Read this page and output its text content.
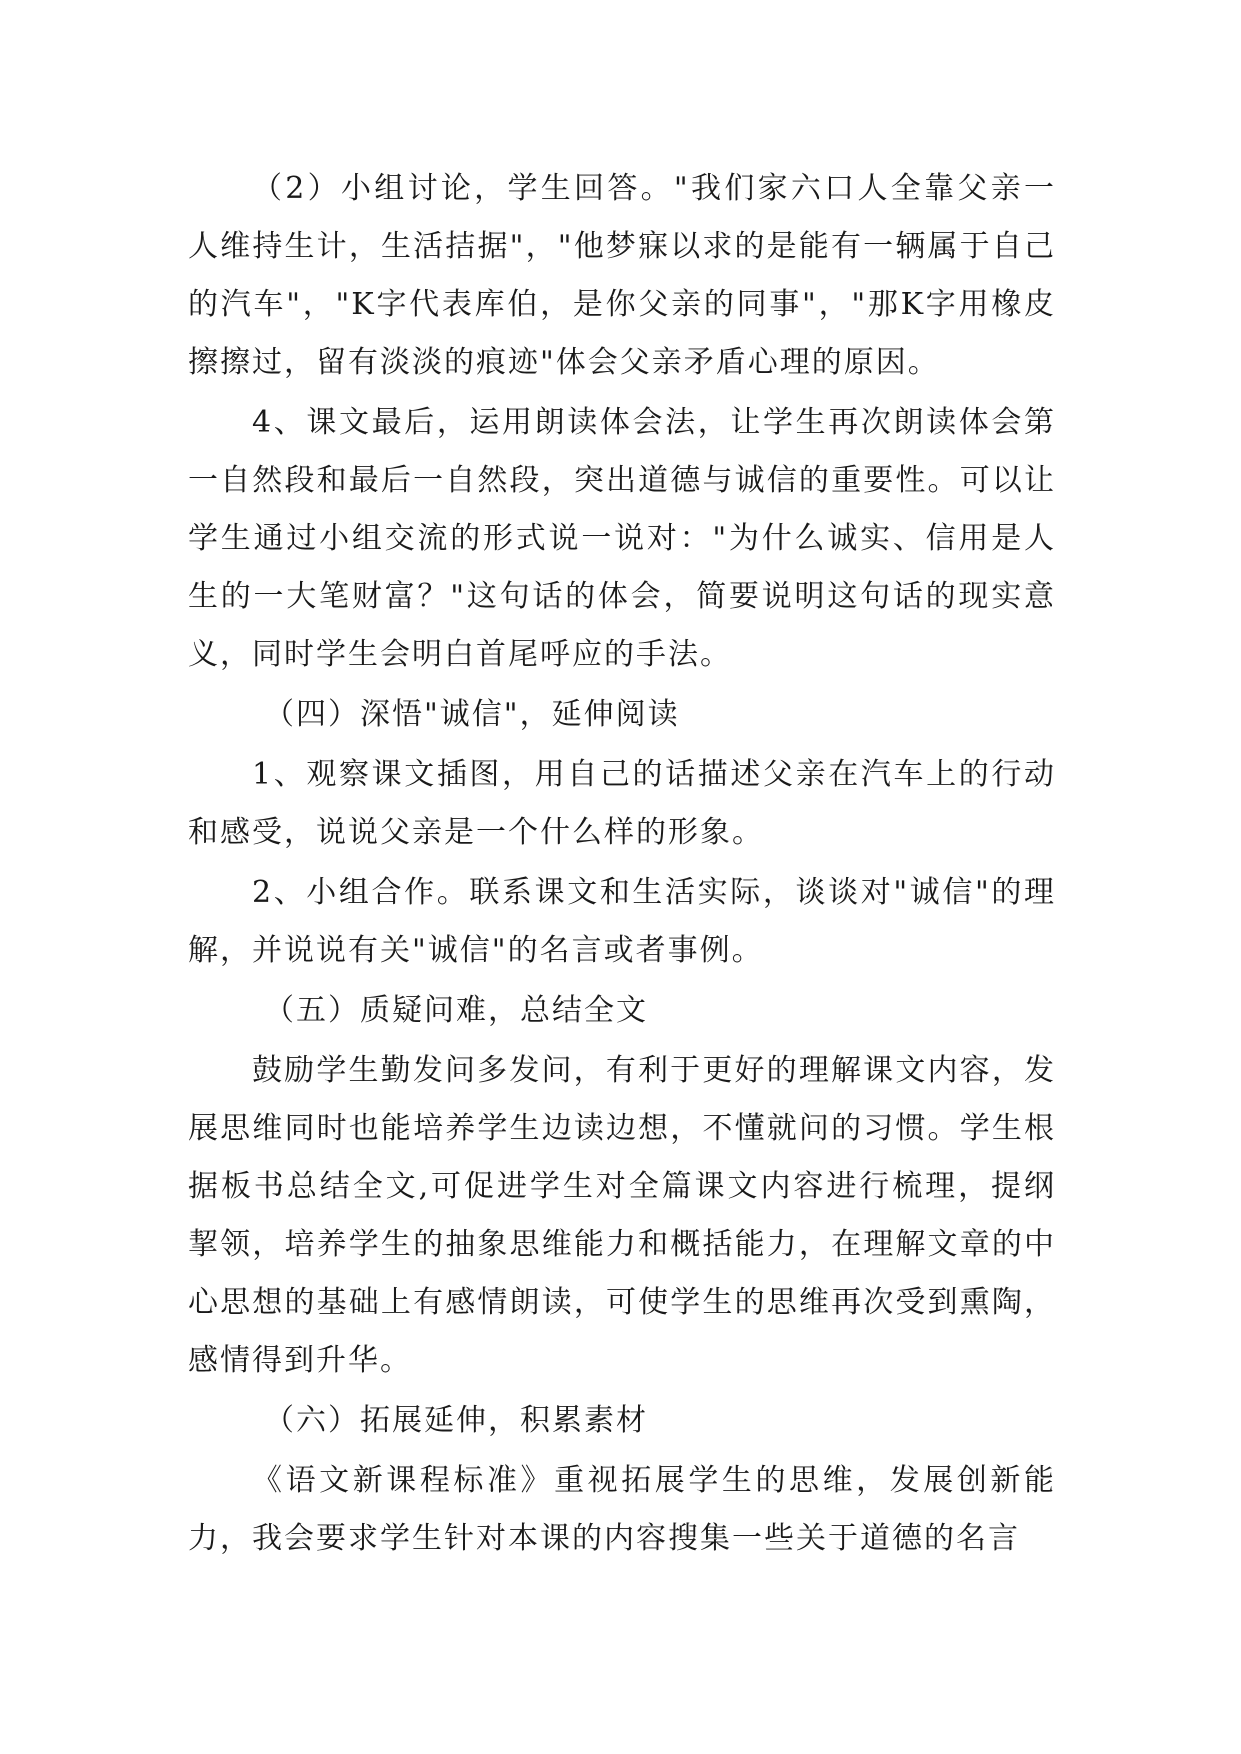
（2）小组讨论，学生回答。"我们家六口人全靠父亲一人维持生计，生活拮据"，"他梦寐以求的是能有一辆属于自己的汽车"，"K字代表库伯，是你父亲的同事"，"那K字用橡皮擦擦过，留有淡淡的痕迹"体会父亲矛盾心理的原因。

4、课文最后，运用朗读体会法，让学生再次朗读体会第一自然段和最后一自然段，突出道德与诚信的重要性。可以让学生通过小组交流的形式说一说对："为什么诚实、信用是人生的一大笔财富？"这句话的体会，简要说明这句话的现实意义，同时学生会明白首尾呼应的手法。

（四）深悟"诚信"，延伸阅读

1、观察课文插图，用自己的话描述父亲在汽车上的行动和感受，说说父亲是一个什么样的形象。

2、小组合作。联系课文和生活实际，谈谈对"诚信"的理解，并说说有关"诚信"的名言或者事例。

（五）质疑问难，总结全文

鼓励学生勤发问多发问，有利于更好的理解课文内容，发展思维同时也能培养学生边读边想，不懂就问的习惯。学生根据板书总结全文,可促进学生对全篇课文内容进行梳理，提纲挈领，培养学生的抽象思维能力和概括能力，在理解文章的中心思想的基础上有感情朗读，可使学生的思维再次受到熏陶，感情得到升华。

（六）拓展延伸，积累素材

《语文新课程标准》重视拓展学生的思维，发展创新能力，我会要求学生针对本课的内容搜集一些关于道德的名言
